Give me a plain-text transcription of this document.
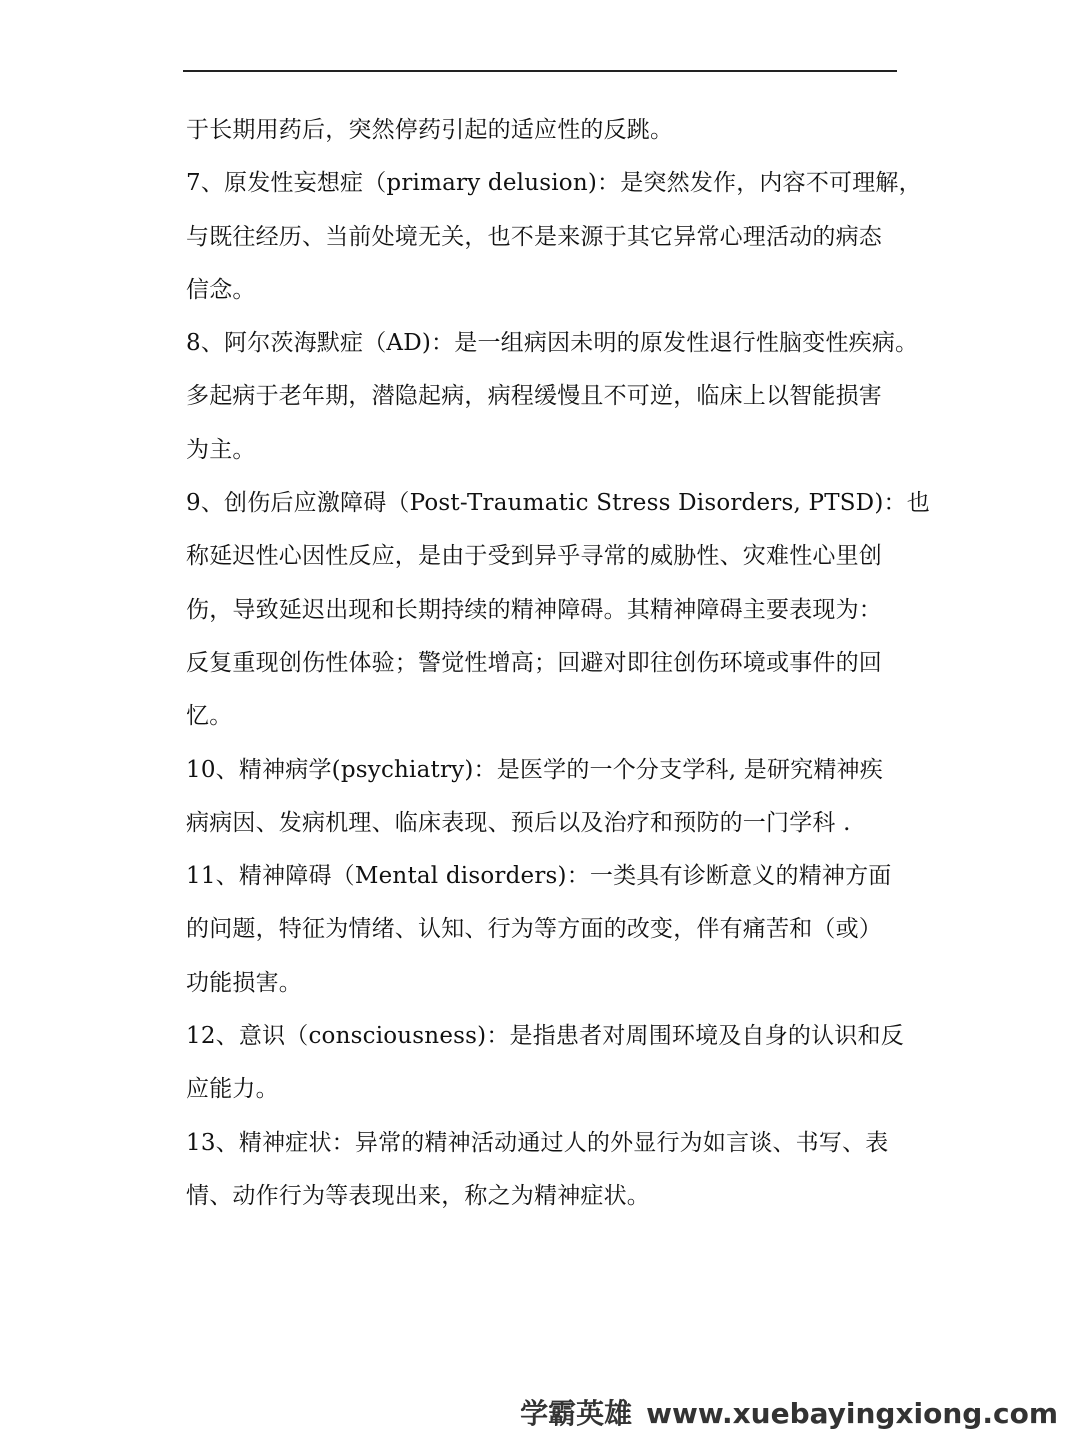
于长期用药后，突然停药引起的适应性的反跳。
7、原发性妄想症（primary delusion)：是突然发作，内容不可理解，
与既往经历、当前处境无关，也不是来源于其它异常心理活动的病态
信念。
8、阿尔茨海默症（AD)：是一组病因未明的原发性退行性脑变性疾病。
多起病于老年期，潜隐起病，病程缓慢且不可逆，临床上以智能损害
为主。
9、创伤后应激障碍（Post-Traumatic Stress Disorders, PTSD)：也
称延迟性心因性反应，是由于受到异乎寻常的威胁性、灾难性心里创
伤，导致延迟出现和长期持续的精神障碍。其精神障碍主要表现为：
反复重现创伤性体验；警觉性增高；回避对即往创伤环境或事件的回
忆。
10、精神病学(psychiatry)：是医学的一个分支学科, 是研究精神疾
病病因、发病机理、临床表现、预后以及治疗和预防的一门学科 .
11、精神障碍（Mental disorders)：一类具有诊断意义的精神方面
的问题，特征为情绪、认知、行为等方面的改变，伴有痛苦和（或）
功能损害。
12、意识（consciousness)：是指患者对周围环境及自身的认识和反
应能力。
13、精神症状：异常的精神活动通过人的外显行为如言谈、书写、表
情、动作行为等表现出来，称之为精神症状。
学霸英雄 www.xuebayingxiong.com
